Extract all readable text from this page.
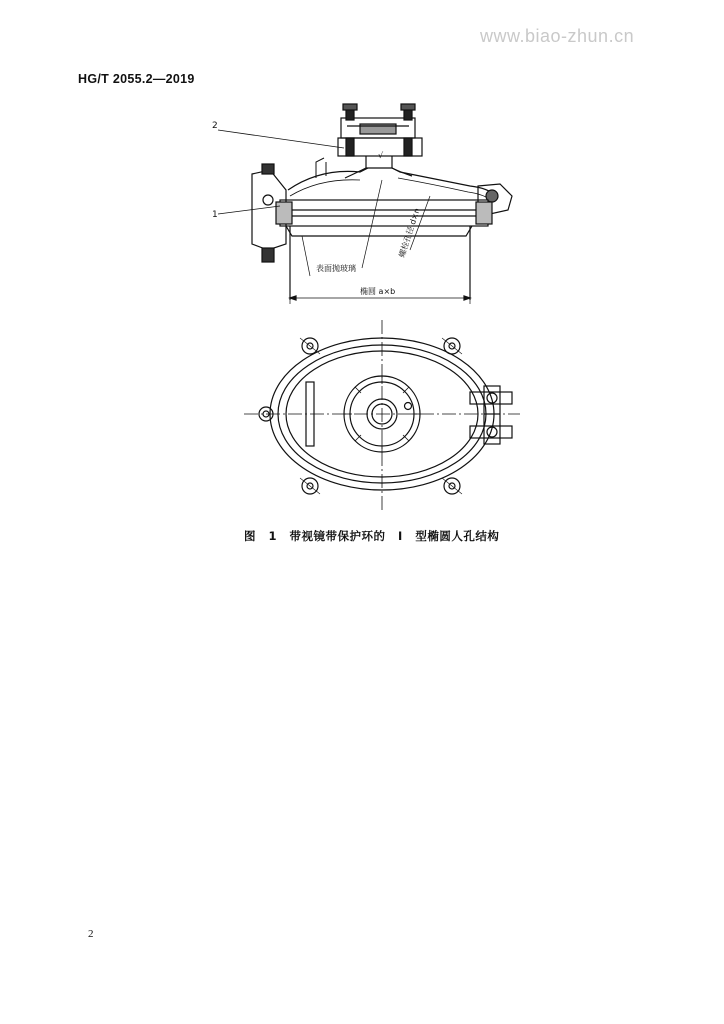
www.biao-zhun.cn
HG/T 2055.2—2019
2
1
√
表面抛玻璃
螺栓孔径 d×n
椭圆 a×b
图 1 带视镜带保护环的 I 型椭圆人孔结构
2
